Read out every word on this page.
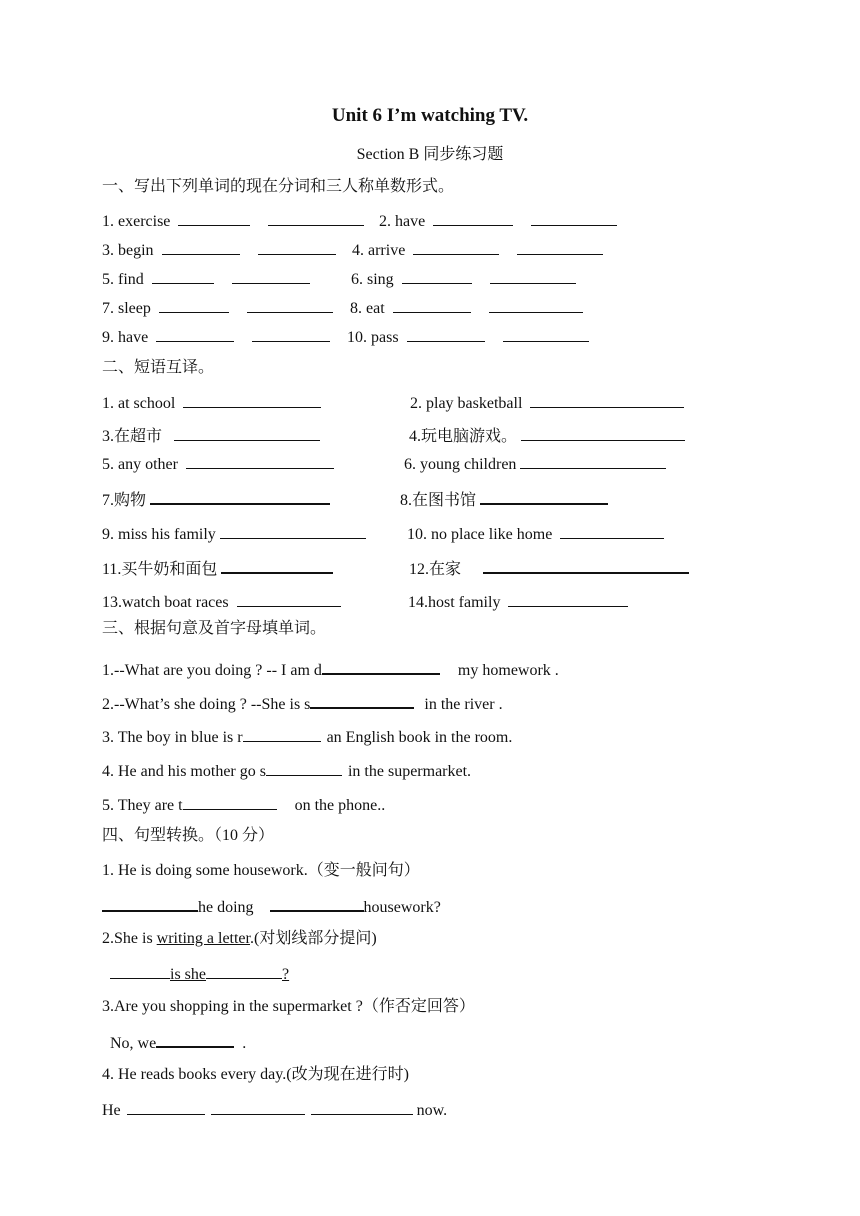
Unit 6 I’m watching TV.
Section B 同步练习题
一、写出下列单词的现在分词和三人称单数形式。
1. exercise	2. have
3. begin	4. arrive
5. find	6. sing
7. sleep	8. eat
9. have	10. pass
二、短语互译。
1. at school	2. play basketball
3.在超市	4.玩电脑游戏。
5. any other	6. young children
7.购物	8.在图书馆
9. miss his family	10. no place like home
11.买牛奶和面包	12.在家
13.watch boat races	14.host family
三、根据句意及首字母填单词。
1.--What are you doing ? -- I am d	my homework .
2.--What’s she doing ? --She is s	in the river .
3. The boy in blue is r	an English book in the room.
4. He and his mother go s	in the supermarket.
5. They are t	on the phone..
四、句型转换。（10 分）
1. He is doing some housework.（变一般问句）
he doing	housework?
2.She is writing a letter.(对划线部分提问)
is she	?
3.Are you shopping in the supermarket ?（作否定回答）
No, we	.
4. He reads books every day.(改为现在进行时)
He	now.
